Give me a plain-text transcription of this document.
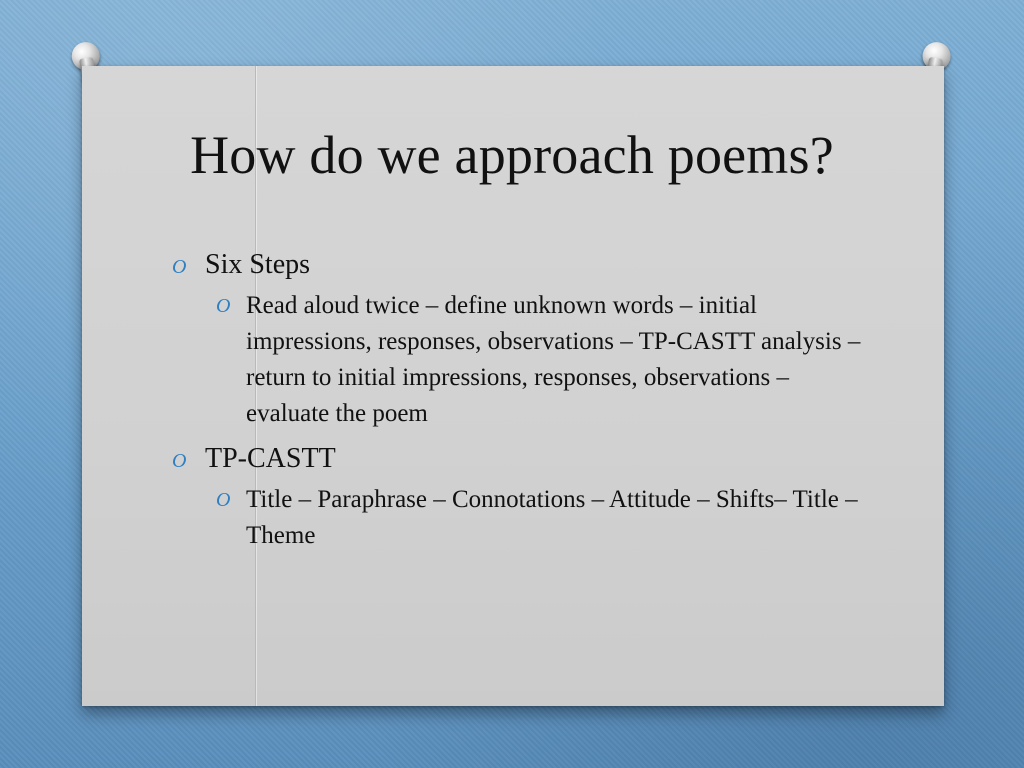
How do we approach poems?
O Six Steps
O Read aloud twice – define unknown words – initial impressions, responses, observations – TP-CASTT analysis – return to initial impressions, responses, observations – evaluate the poem
O TP-CASTT
O Title – Paraphrase – Connotations – Attitude – Shifts– Title – Theme
